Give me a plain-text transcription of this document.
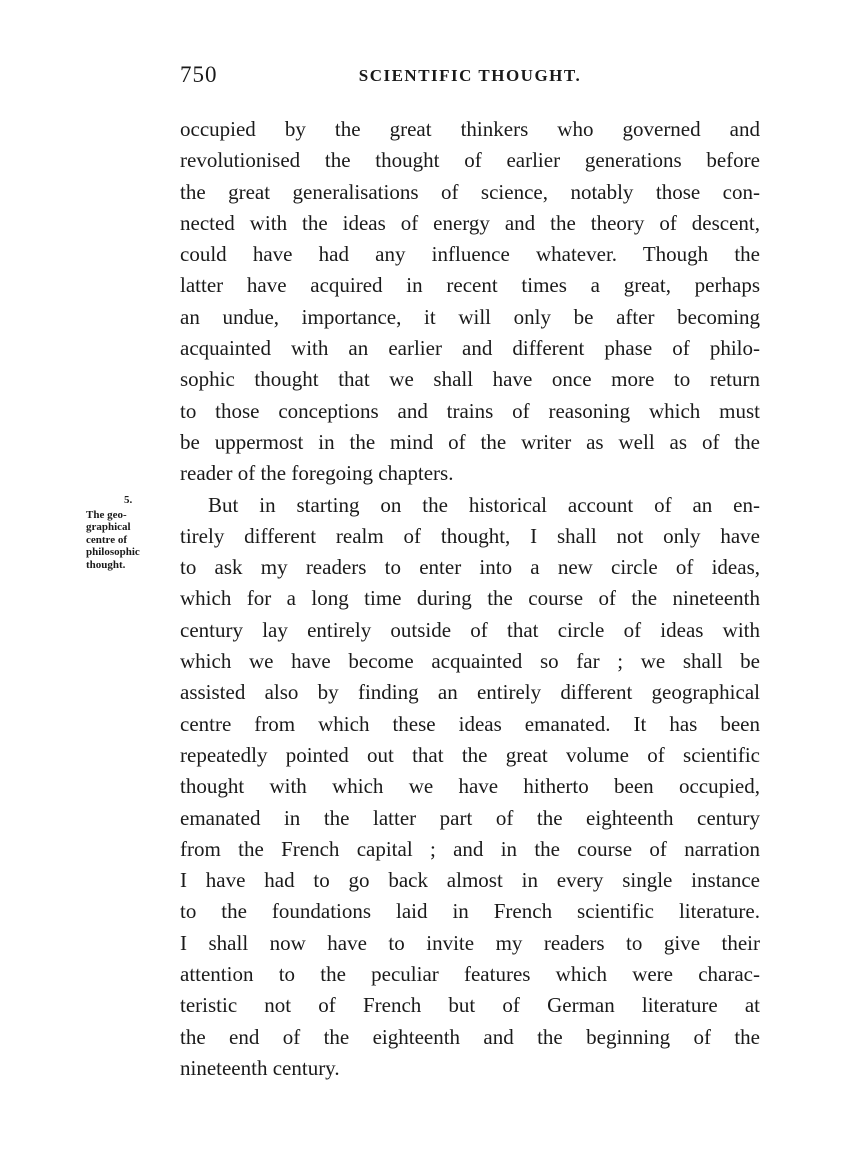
750	SCIENTIFIC THOUGHT.
5.
The geo-
graphical
centre of
philosophic
thought.
occupied by the great thinkers who governed and
revolutionised the thought of earlier generations before
the great generalisations of science, notably those con-
nected with the ideas of energy and the theory of descent,
could have had any influence whatever. Though the
latter have acquired in recent times a great, perhaps
an undue, importance, it will only be after becoming
acquainted with an earlier and different phase of philo-
sophic thought that we shall have once more to return
to those conceptions and trains of reasoning which must
be uppermost in the mind of the writer as well as of the
reader of the foregoing chapters.
But in starting on the historical account of an en-
tirely different realm of thought, I shall not only have
to ask my readers to enter into a new circle of ideas,
which for a long time during the course of the nineteenth
century lay entirely outside of that circle of ideas with
which we have become acquainted so far ; we shall be
assisted also by finding an entirely different geographical
centre from which these ideas emanated. It has been
repeatedly pointed out that the great volume of scientific
thought with which we have hitherto been occupied,
emanated in the latter part of the eighteenth century
from the French capital ; and in the course of narration
I have had to go back almost in every single instance
to the foundations laid in French scientific literature.
I shall now have to invite my readers to give their
attention to the peculiar features which were charac-
teristic not of French but of German literature at
the end of the eighteenth and the beginning of the
nineteenth century.
